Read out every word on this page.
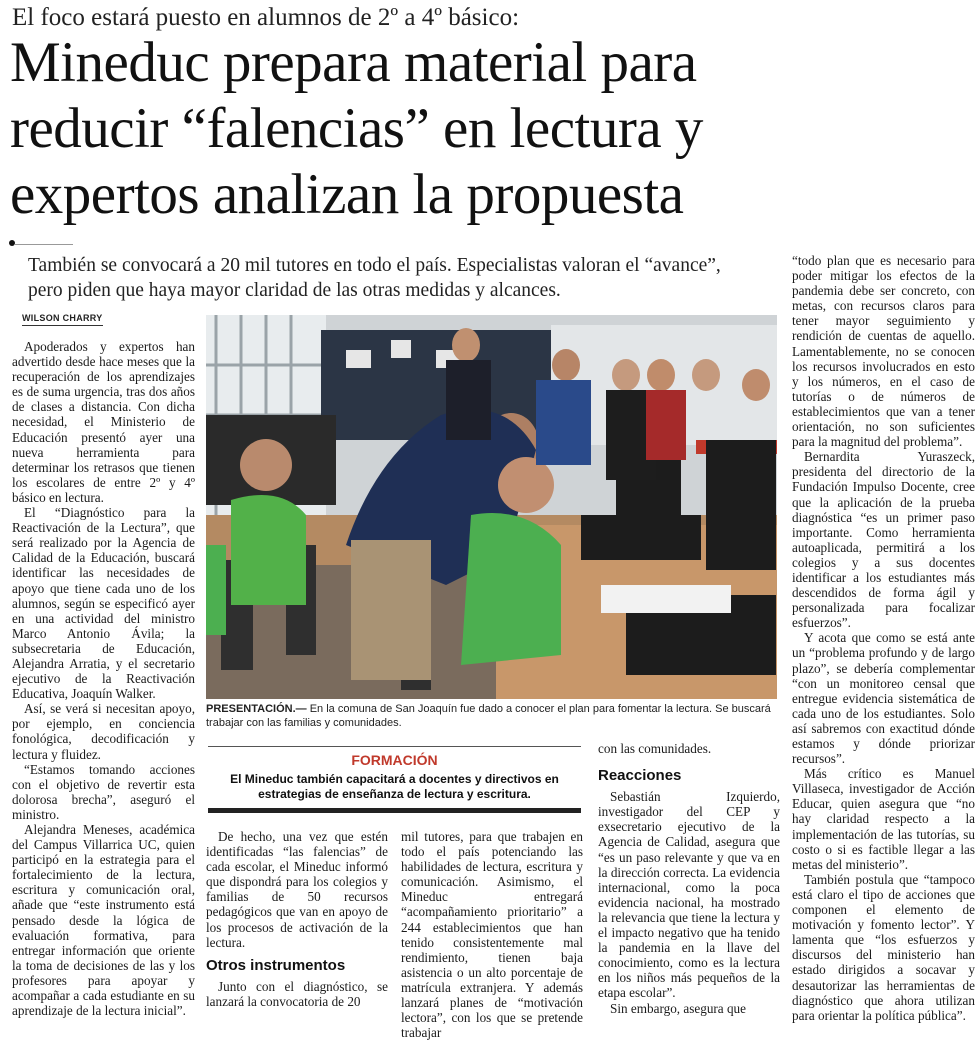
El foco estará puesto en alumnos de 2º a 4º básico:
Mineduc prepara material para
reducir “falencias” en lectura y
expertos analizan la propuesta
También se convocará a 20 mil tutores en todo el país. Especialistas valoran el “avance”, pero piden que haya mayor claridad de las otras medidas y alcances.
WILSON CHARRY

Apoderados y expertos han advertido desde hace meses que la recuperación de los aprendizajes es de suma urgencia, tras dos años de clases a distancia. Con dicha necesidad, el Ministerio de Educación presentó ayer una nueva herramienta para determinar los retrasos que tienen los escolares de entre 2º y 4º básico en lectura.

El “Diagnóstico para la Reactivación de la Lectura”, que será realizado por la Agencia de Calidad de la Educación, buscará identificar las necesidades de apoyo que tiene cada uno de los alumnos, según se especificó ayer en una actividad del ministro Marco Antonio Ávila; la subsecretaria de Educación, Alejandra Arratia, y el secretario ejecutivo de la Reactivación Educativa, Joaquín Walker.

Así, se verá si necesitan apoyo, por ejemplo, en conciencia fonológica, decodificación y lectura y fluidez.

“Estamos tomando acciones con el objetivo de revertir esta dolorosa brecha”, aseguró el ministro.

Alejandra Meneses, académica del Campus Villarrica UC, quien participó en la estrategia para el fortalecimiento de la lectura, escritura y comunicación oral, añade que “este instrumento está pensado desde la lógica de evaluación formativa, para entregar información que oriente la toma de decisiones de las y los profesores para apoyar y acompañar a cada estudiante en su aprendizaje de la lectura inicial”.

PRESENTACIÓN.— En la comuna de San Joaquín fue dado a conocer el plan para fomentar la lectura. Se buscará trabajar con las familias y comunidades.
FORMACIÓN
El Mineduc también capacitará a docentes y directivos en estrategias de enseñanza de lectura y escritura.

De hecho, una vez que estén identificadas “las falencias” de cada escolar, el Mineduc informó que dispondrá para los colegios y familias de 50 recursos pedagógicos que van en apoyo de los procesos de activación de la lectura.

Otros instrumentos

Junto con el diagnóstico, se lanzará la convocatoria de 20

mil tutores, para que trabajen en todo el país potenciando las habilidades de lectura, escritura y comunicación. Asimismo, el Mineduc entregará “acompañamiento prioritario” a 244 establecimientos que han tenido consistentemente mal rendimiento, tienen baja asistencia o un alto porcentaje de matrícula extranjera. Y además lanzará planes de “motivación lectora”, con los que se pretende trabajar

con las comunidades.

Reacciones

Sebastián Izquierdo, investigador del CEP y exsecretario ejecutivo de la Agencia de Calidad, asegura que “es un paso relevante y que va en la dirección correcta. La evidencia internacional, como la poca evidencia nacional, ha mostrado la relevancia que tiene la lectura y el impacto negativo que ha tenido la pandemia en la llave del conocimiento, como es la lectura en los niños más pequeños de la etapa escolar”.

Sin embargo, asegura que

“todo plan que es necesario para poder mitigar los efectos de la pandemia debe ser concreto, con metas, con recursos claros para tener mayor seguimiento y rendición de cuentas de aquello. Lamentablemente, no se conocen los recursos involucrados en esto y los números, en el caso de tutorías o de números de establecimientos que van a tener orientación, no son suficientes para la magnitud del problema”.

Bernardita Yuraszeck, presidenta del directorio de la Fundación Impulso Docente, cree que la aplicación de la prueba diagnóstica “es un primer paso importante. Como herramienta autoaplicada, permitirá a los colegios y a sus docentes identificar a los estudiantes más descendidos de forma ágil y personalizada para focalizar esfuerzos”.

Y acota que como se está ante un “problema profundo y de largo plazo”, se debería complementar “con un monitoreo censal que entregue evidencia sistemática de cada uno de los estudiantes. Solo así sabremos con exactitud dónde estamos y dónde priorizar recursos”.

Más crítico es Manuel Villaseca, investigador de Acción Educar, quien asegura que “no hay claridad respecto a la implementación de las tutorías, su costo o si es factible llegar a las metas del ministerio”.

También postula que “tampoco está claro el tipo de acciones que componen el elemento de motivación y fomento lector”. Y lamenta que “los esfuerzos y discursos del ministerio han estado dirigidos a socavar y desautorizar las herramientas de diagnóstico que ahora utilizan para orientar la política pública”.
